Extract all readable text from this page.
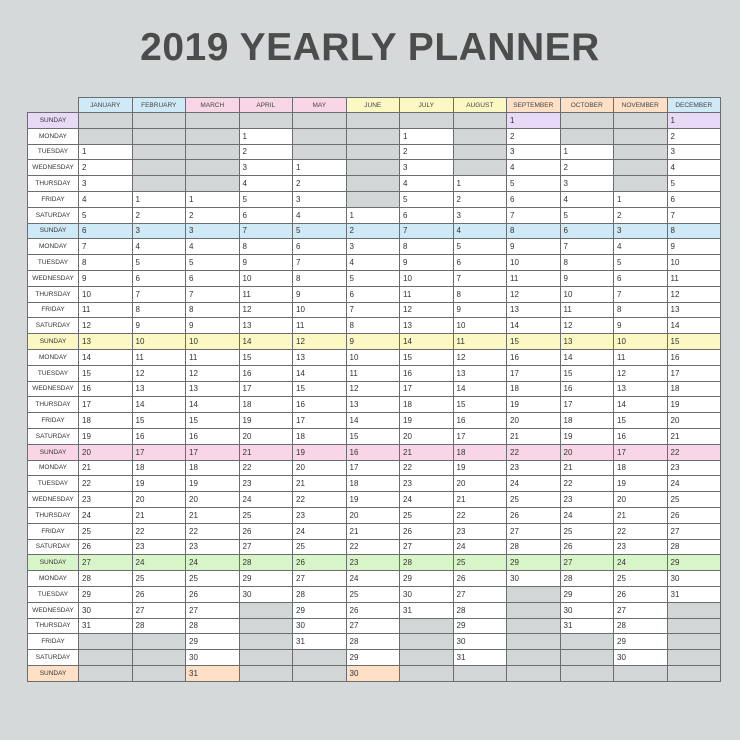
2019 YEARLY PLANNER
	JANUARY	FEBRUARY	MARCH	APRIL	MAY	JUNE	JULY	AUGUST	SEPTEMBER	OCTOBER	NOVEMBER	DECEMBER
SUNDAY									1			1
MONDAY				1			1		2			2
TUESDAY	1			2			2		3	1		3
WEDNESDAY	2			3	1		3		4	2		4
THURSDAY	3			4	2		4	1	5	3		5
FRIDAY	4	1	1	5	3		5	2	6	4	1	6
SATURDAY	5	2	2	6	4	1	6	3	7	5	2	7
SUNDAY	6	3	3	7	5	2	7	4	8	6	3	8
MONDAY	7	4	4	8	6	3	8	5	9	7	4	9
TUESDAY	8	5	5	9	7	4	9	6	10	8	5	10
WEDNESDAY	9	6	6	10	8	5	10	7	11	9	6	11
THURSDAY	10	7	7	11	9	6	11	8	12	10	7	12
FRIDAY	11	8	8	12	10	7	12	9	13	11	8	13
SATURDAY	12	9	9	13	11	8	13	10	14	12	9	14
SUNDAY	13	10	10	14	12	9	14	11	15	13	10	15
MONDAY	14	11	11	15	13	10	15	12	16	14	11	16
TUESDAY	15	12	12	16	14	11	16	13	17	15	12	17
WEDNESDAY	16	13	13	17	15	12	17	14	18	16	13	18
THURSDAY	17	14	14	18	16	13	18	15	19	17	14	19
FRIDAY	18	15	15	19	17	14	19	16	20	18	15	20
SATURDAY	19	16	16	20	18	15	20	17	21	19	16	21
SUNDAY	20	17	17	21	19	16	21	18	22	20	17	22
MONDAY	21	18	18	22	20	17	22	19	23	21	18	23
TUESDAY	22	19	19	23	21	18	23	20	24	22	19	24
WEDNESDAY	23	20	20	24	22	19	24	21	25	23	20	25
THURSDAY	24	21	21	25	23	20	25	22	26	24	21	26
FRIDAY	25	22	22	26	24	21	26	23	27	25	22	27
SATURDAY	26	23	23	27	25	22	27	24	28	26	23	28
SUNDAY	27	24	24	28	26	23	28	25	29	27	24	29
MONDAY	28	25	25	29	27	24	29	26	30	28	25	30
TUESDAY	29	26	26	30	28	25	30	27		29	26	31
WEDNESDAY	30	27	27		29	26	31	28		30	27	
THURSDAY	31	28	28		30	27		29		31	28	
FRIDAY			29		31	28		30			29	
SATURDAY			30			29		31			30	
SUNDAY			31			30						
